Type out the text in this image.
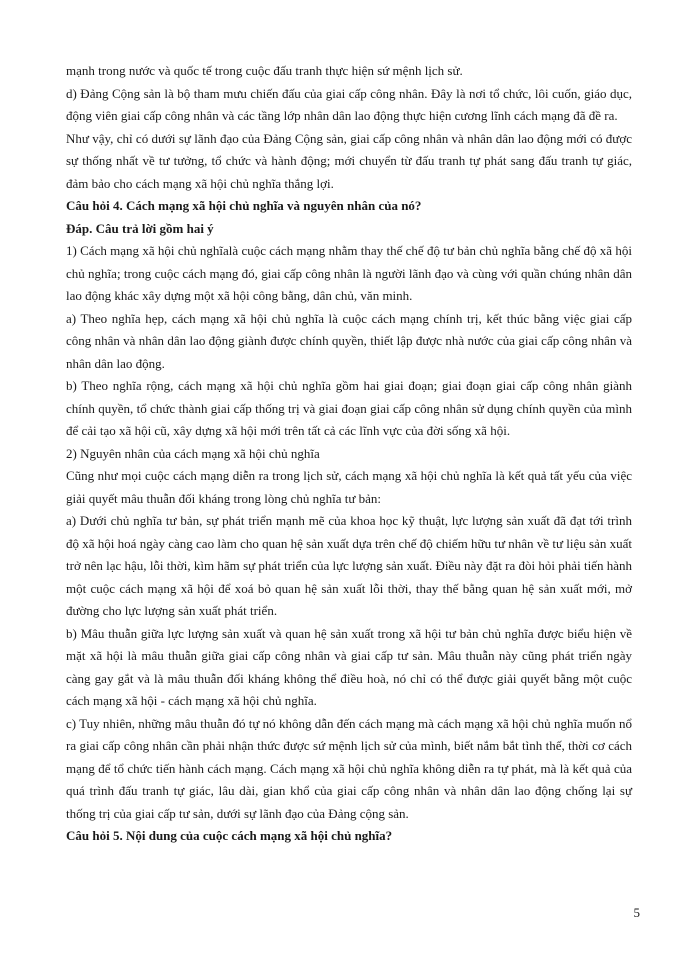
mạnh trong nước và quốc tế trong cuộc đấu tranh thực hiện sứ mệnh lịch sử.

d) Đảng Cộng sản là bộ tham mưu chiến đấu của giai cấp công nhân. Đây là nơi tổ chức, lôi cuốn, giáo dục, động viên giai cấp công nhân và các tầng lớp nhân dân lao động thực hiện cương lĩnh cách mạng đã đề ra.

Như vậy, chỉ có dưới sự lãnh đạo của Đảng Cộng sản, giai cấp công nhân và nhân dân lao động mới có được sự thống nhất về tư tưởng, tổ chức và hành động; mới chuyển từ đấu tranh tự phát sang đấu tranh tự giác, đảm bảo cho cách mạng xã hội chủ nghĩa thắng lợi.

Câu hỏi 4. Cách mạng xã hội chủ nghĩa và nguyên nhân của nó?

Đáp. Câu trả lời gồm hai ý

1) Cách mạng xã hội chủ nghĩalà cuộc cách mạng nhằm thay thế chế độ tư bản chủ nghĩa bằng chế độ xã hội chủ nghĩa; trong cuộc cách mạng đó, giai cấp công nhân là người lãnh đạo và cùng với quần chúng nhân dân lao động khác xây dựng một xã hội công bằng, dân chủ, văn minh.

a) Theo nghĩa hẹp, cách mạng xã hội chủ nghĩa là cuộc cách mạng chính trị, kết thúc bằng việc giai cấp công nhân và nhân dân lao động giành được chính quyền, thiết lập được nhà nước của giai cấp công nhân và nhân dân lao động.

b) Theo nghĩa rộng, cách mạng xã hội chủ nghĩa gồm hai giai đoạn; giai đoạn giai cấp công nhân giành chính quyền, tổ chức thành giai cấp thống trị và giai đoạn giai cấp công nhân sử dụng chính quyền của mình để cải tạo xã hội cũ, xây dựng xã hội mới trên tất cả các lĩnh vực của đời sống xã hội.

2) Nguyên nhân của cách mạng xã hội chủ nghĩa

Cũng như mọi cuộc cách mạng diễn ra trong lịch sử, cách mạng xã hội chủ nghĩa là kết quả tất yếu của việc giải quyết mâu thuẫn đối kháng trong lòng chủ nghĩa tư bản:

a) Dưới chủ nghĩa tư bản, sự phát triển mạnh mẽ của khoa học kỹ thuật, lực lượng sản xuất đã đạt tới trình độ xã hội hoá ngày càng cao làm cho quan hệ sản xuất dựa trên chế độ chiếm hữu tư nhân về tư liệu sản xuất trở nên lạc hậu, lỗi thời, kìm hãm sự phát triển của lực lượng sản xuất. Điều này đặt ra đòi hỏi phải tiến hành một cuộc cách mạng xã hội để xoá bỏ quan hệ sản xuất lỗi thời, thay thế bằng quan hệ sản xuất mới, mở đường cho lực lượng sản xuất phát triển.

b) Mâu thuẫn giữa lực lượng sản xuất và quan hệ sản xuất trong xã hội tư bản chủ nghĩa được biểu hiện về mặt xã hội là mâu thuẫn giữa giai cấp công nhân và giai cấp tư sản. Mâu thuẫn này cũng phát triển ngày càng gay gắt và là mâu thuẫn đối kháng không thể điều hoà, nó chỉ có thể được giải quyết bằng một cuộc cách mạng xã hội - cách mạng xã hội chủ nghĩa.

c) Tuy nhiên, những mâu thuẫn đó tự nó không dẫn đến cách mạng mà cách mạng xã hội chủ nghĩa muốn nổ ra giai cấp công nhân cần phải nhận thức được sứ mệnh lịch sử của mình, biết nắm bắt tình thế, thời cơ cách mạng để tổ chức tiến hành cách mạng. Cách mạng xã hội chủ nghĩa không diễn ra tự phát, mà là kết quả của quá trình đấu tranh tự giác, lâu dài, gian khổ của giai cấp công nhân và nhân dân lao động chống lại sự thống trị của giai cấp tư sản, dưới sự lãnh đạo của Đảng cộng sản.

Câu hỏi 5. Nội dung của cuộc cách mạng xã hội chủ nghĩa?

5
